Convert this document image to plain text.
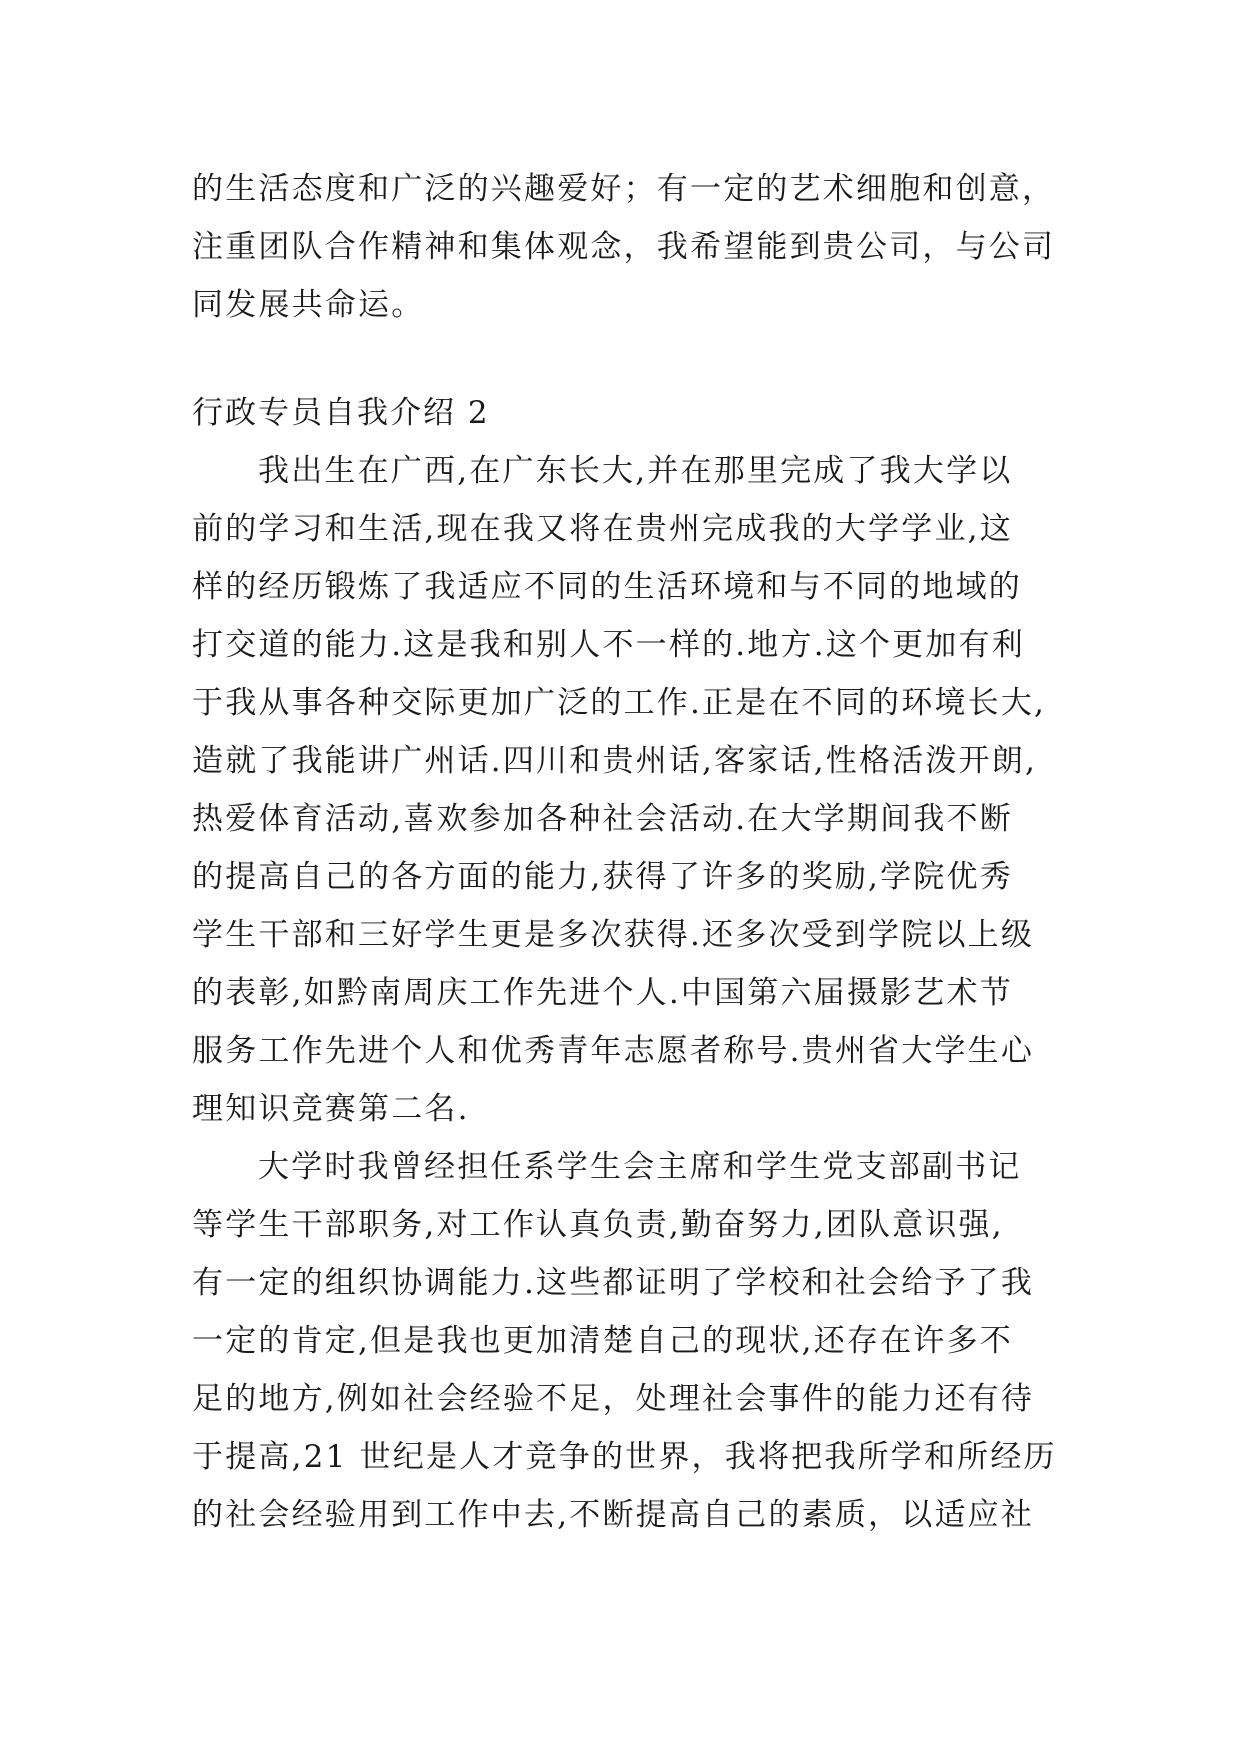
的生活态度和广泛的兴趣爱好；有一定的艺术细胞和创意，
注重团队合作精神和集体观念，我希望能到贵公司，与公司
同发展共命运。
行政专员自我介绍 2
我出生在广西,在广东长大,并在那里完成了我大学以
前的学习和生活,现在我又将在贵州完成我的大学学业,这
样的经历锻炼了我适应不同的生活环境和与不同的地域的
打交道的能力.这是我和别人不一样的.地方.这个更加有利
于我从事各种交际更加广泛的工作.正是在不同的环境长大,
造就了我能讲广州话.四川和贵州话,客家话,性格活泼开朗,
热爱体育活动,喜欢参加各种社会活动.在大学期间我不断
的提高自己的各方面的能力,获得了许多的奖励,学院优秀
学生干部和三好学生更是多次获得.还多次受到学院以上级
的表彰,如黔南周庆工作先进个人.中国第六届摄影艺术节
服务工作先进个人和优秀青年志愿者称号.贵州省大学生心
理知识竞赛第二名.
大学时我曾经担任系学生会主席和学生党支部副书记
等学生干部职务,对工作认真负责,勤奋努力,团队意识强,
有一定的组织协调能力.这些都证明了学校和社会给予了我
一定的肯定,但是我也更加清楚自己的现状,还存在许多不
足的地方,例如社会经验不足，处理社会事件的能力还有待
于提高,21 世纪是人才竞争的世界，我将把我所学和所经历
的社会经验用到工作中去,不断提高自己的素质，以适应社
